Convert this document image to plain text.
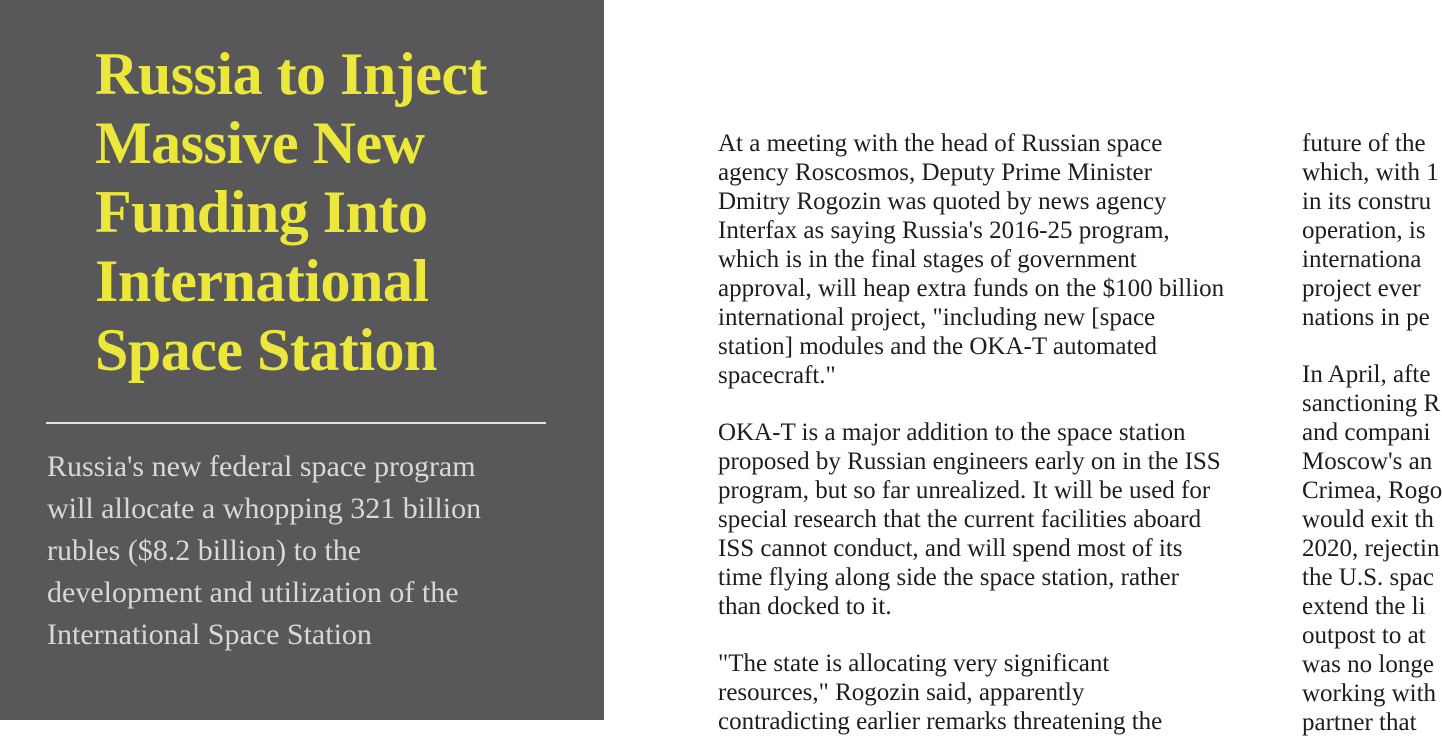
Russia to Inject
Massive New
Funding Into
International
Space Station

Russia's new federal space program
will allocate a whopping 321 billion
rubles ($8.2 billion) to the
development and utilization of the
International Space Station

At a meeting with the head of Russian space
agency Roscosmos, Deputy Prime Minister
Dmitry Rogozin was quoted by news agency
Interfax as saying Russia's 2016-25 program,
which is in the final stages of government
approval, will heap extra funds on the $100 billion
international project, "including new [space
station] modules and the OKA-T automated
spacecraft."
OKA-T is a major addition to the space station
proposed by Russian engineers early on in the ISS
program, but so far unrealized. It will be used for
special research that the current facilities aboard
ISS cannot conduct, and will spend most of its
time flying along side the space station, rather
than docked to it.
"The state is allocating very significant
resources," Rogozin said, apparently
contradicting earlier remarks threatening the
future of the
which, with 1
in its constru
operation, is
internationa
project ever
nations in pe
In April, afte
sanctioning R
and compani
Moscow's an
Crimea, Rogo
would exit th
2020, rejectin
the U.S. spac
extend the li
outpost to at
was no longe
working with
partner that
